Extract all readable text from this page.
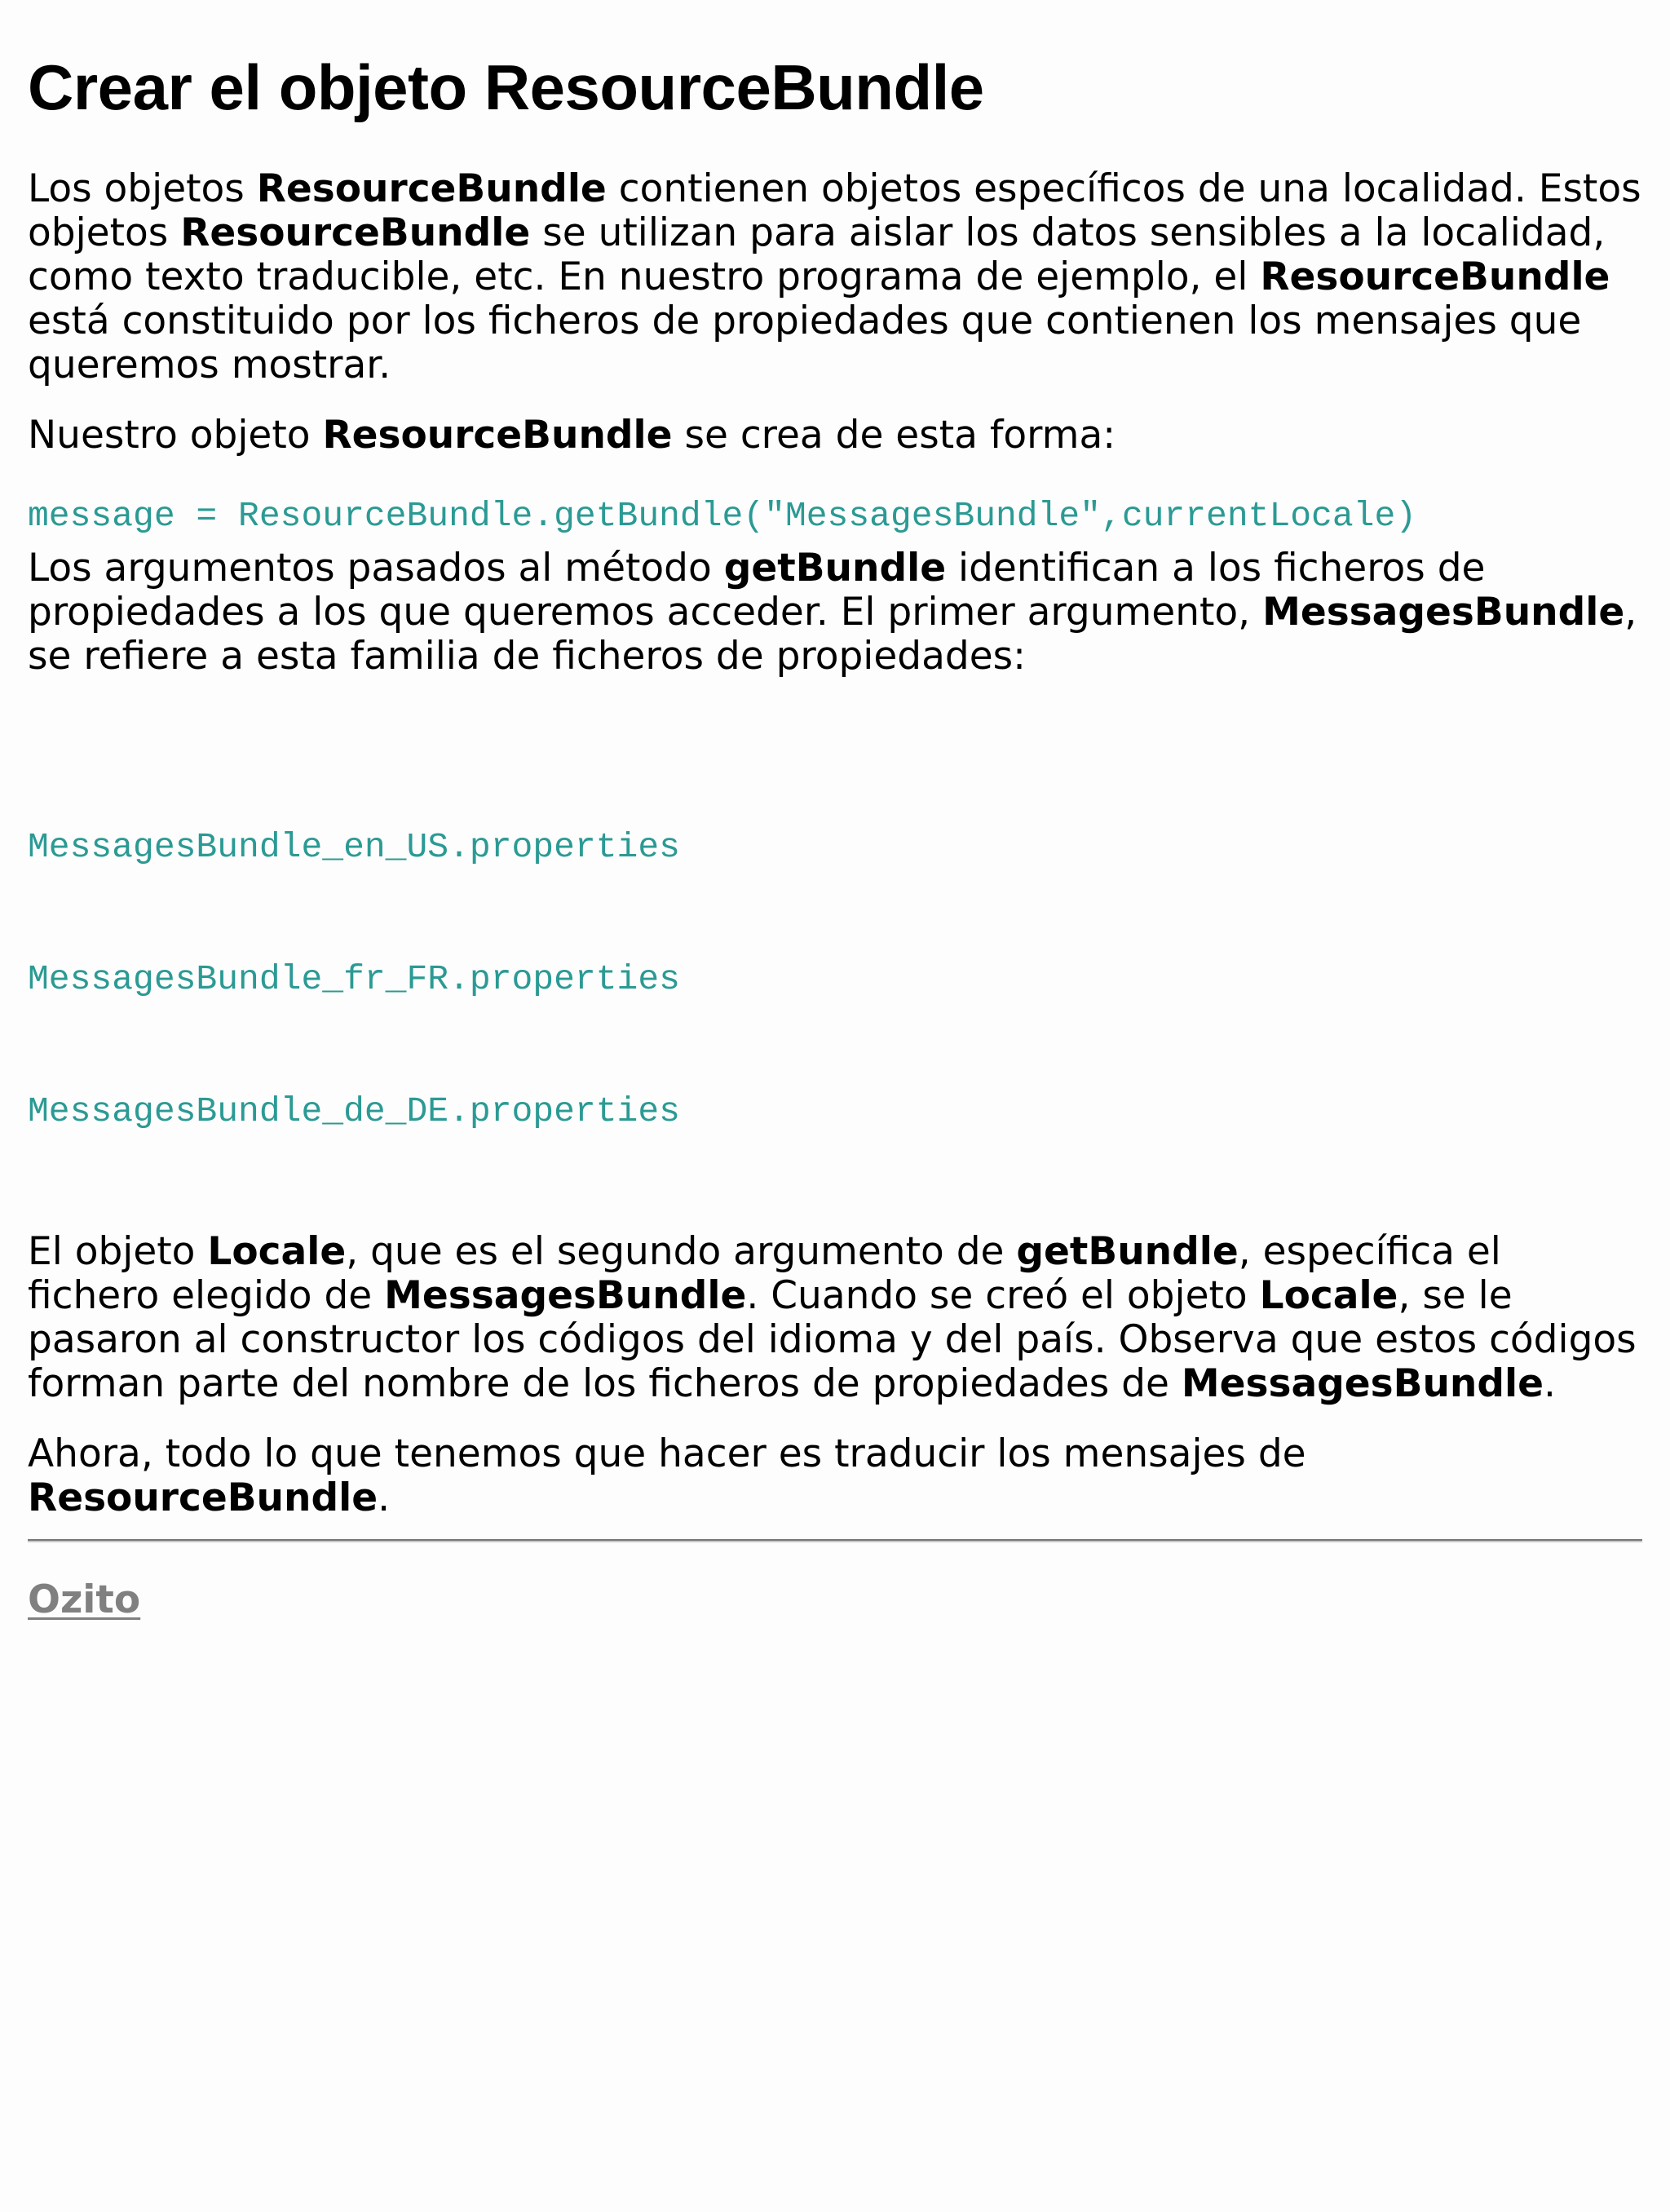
Crear el objeto ResourceBundle

Los objetos ResourceBundle contienen objetos específicos de una localidad. Estos objetos ResourceBundle se utilizan para aislar los datos sensibles a la localidad, como texto traducible, etc. En nuestro programa de ejemplo, el ResourceBundle está constituido por los ficheros de propiedades que contienen los mensajes que queremos mostrar.

Nuestro objeto ResourceBundle se crea de esta forma:

message = ResourceBundle.getBundle("MessagesBundle",currentLocale)

Los argumentos pasados al método getBundle identifican a los ficheros de propiedades a los que queremos acceder. El primer argumento, MessagesBundle, se refiere a esta familia de ficheros de propiedades:

MessagesBundle_en_US.properties

MessagesBundle_fr_FR.properties

MessagesBundle_de_DE.properties

El objeto Locale, que es el segundo argumento de getBundle, específica el fichero elegido de MessagesBundle. Cuando se creó el objeto Locale, se le pasaron al constructor los códigos del idioma y del país. Observa que estos códigos forman parte del nombre de los ficheros de propiedades de MessagesBundle.

Ahora, todo lo que tenemos que hacer es traducir los mensajes de ResourceBundle.

Ozito
